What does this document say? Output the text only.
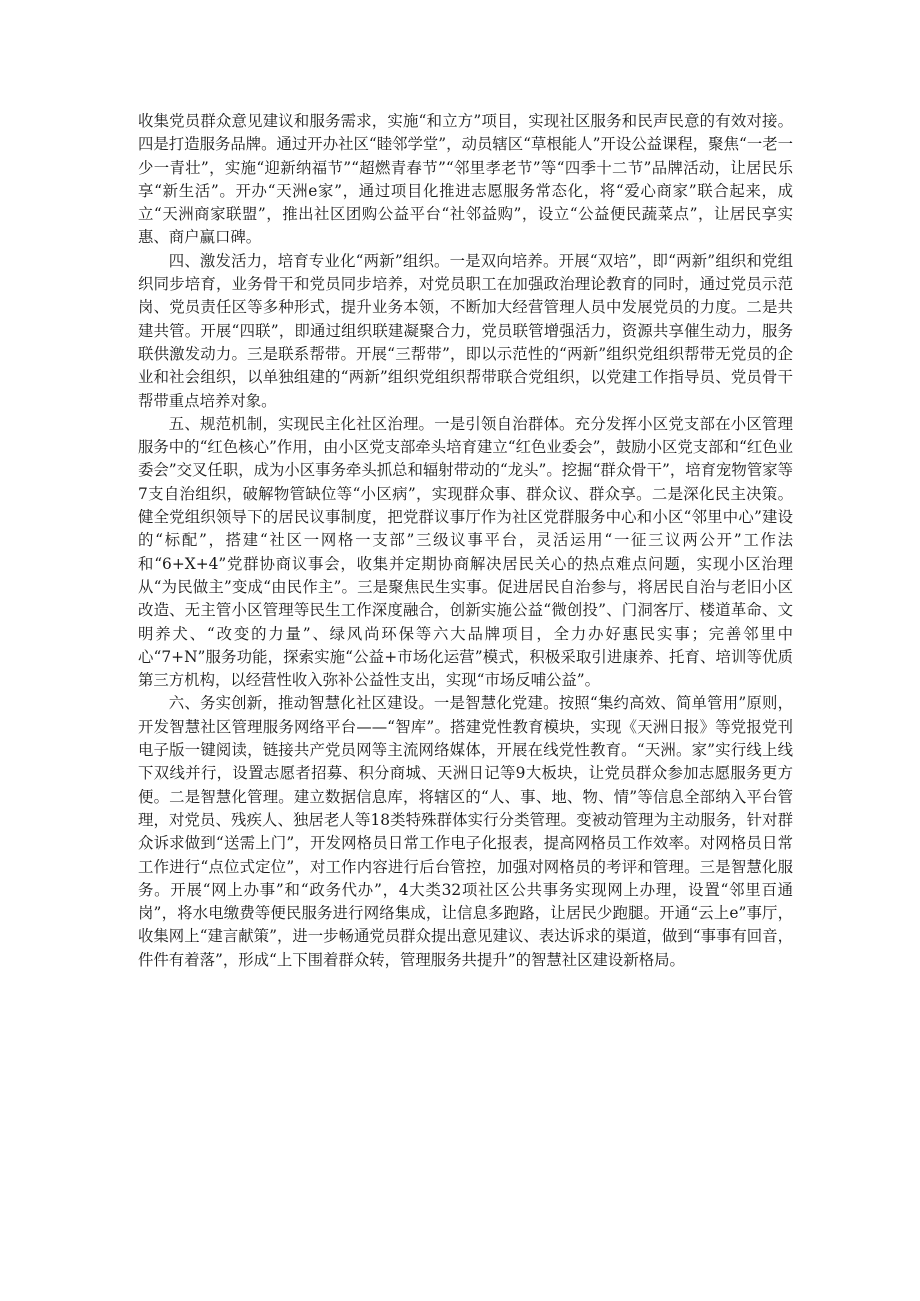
收集党员群众意见建议和服务需求，实施“和立方”项目，实现社区服务和民声民意的有效对接。四是打造服务品牌。通过开办社区“睦邻学堂”，动员辖区“草根能人”开设公益课程，聚焦“一老一少一青壮”，实施“迎新纳福节”“超燃青春节”“邻里孝老节”等“四季十二节”品牌活动，让居民乐享“新生活”。开办“天洲e家”，通过项目化推进志愿服务常态化，将“爱心商家”联合起来，成立“天洲商家联盟”，推出社区团购公益平台“社邻益购”，设立“公益便民蔬菜点”，让居民享实惠、商户赢口碑。

四、激发活力，培育专业化“两新”组织。一是双向培养。开展“双培”，即“两新”组织和党组织同步培育，业务骨干和党员同步培养，对党员职工在加强政治理论教育的同时，通过党员示范岗、党员责任区等多种形式，提升业务本领，不断加大经营管理人员中发展党员的力度。二是共建共管。开展“四联”，即通过组织联建凝聚合力，党员联管增强活力，资源共享催生动力，服务联供激发动力。三是联系帮带。开展“三帮带”，即以示范性的“两新”组织党组织帮带无党员的企业和社会组织，以单独组建的“两新”组织党组织帮带联合党组织，以党建工作指导员、党员骨干帮带重点培养对象。

五、规范机制，实现民主化社区治理。一是引领自治群体。充分发挥小区党支部在小区管理服务中的“红色核心”作用，由小区党支部牵头培育建立“红色业委会”，鼓励小区党支部和“红色业委会”交叉任职，成为小区事务牵头抓总和辐射带动的“龙头”。挖掘“群众骨干”，培育宠物管家等7支自治组织，破解物管缺位等“小区病”，实现群众事、群众议、群众享。二是深化民主决策。健全党组织领导下的居民议事制度，把党群议事厅作为社区党群服务中心和小区“邻里中心”建设的“标配”，搭建“社区一网格一支部”三级议事平台，灵活运用“一征三议两公开”工作法和“6+X+4”党群协商议事会，收集并定期协商解决居民关心的热点难点问题，实现小区治理从“为民做主”变成“由民作主”。三是聚焦民生实事。促进居民自治参与，将居民自治与老旧小区改造、无主管小区管理等民生工作深度融合，创新实施公益“微创投”、门洞客厅、楼道革命、文明养犬、“改变的力量”、绿风尚环保等六大品牌项目，全力办好惠民实事；完善邻里中心“7+N”服务功能，探索实施“公益+市场化运营”模式，积极采取引进康养、托育、培训等优质第三方机构，以经营性收入弥补公益性支出，实现“市场反哺公益”。

六、务实创新，推动智慧化社区建设。一是智慧化党建。按照“集约高效、简单管用”原则，开发智慧社区管理服务网络平台——“智库”。搭建党性教育模块，实现《天洲日报》等党报党刊电子版一键阅读，链接共产党员网等主流网络媒体，开展在线党性教育。“天洲。家”实行线上线下双线并行，设置志愿者招募、积分商城、天洲日记等9大板块，让党员群众参加志愿服务更方便。二是智慧化管理。建立数据信息库，将辖区的“人、事、地、物、情”等信息全部纳入平台管理，对党员、残疾人、独居老人等18类特殊群体实行分类管理。变被动管理为主动服务，针对群众诉求做到“送需上门”，开发网格员日常工作电子化报表，提高网格员工作效率。对网格员日常工作进行“点位式定位”，对工作内容进行后台管控，加强对网格员的考评和管理。三是智慧化服务。开展“网上办事”和“政务代办”，4大类32项社区公共事务实现网上办理，设置“邻里百通岗”，将水电缴费等便民服务进行网络集成，让信息多跑路，让居民少跑腿。开通“云上e”事厅，收集网上“建言献策”，进一步畅通党员群众提出意见建议、表达诉求的渠道，做到“事事有回音，件件有着落”，形成“上下围着群众转，管理服务共提升”的智慧社区建设新格局。
